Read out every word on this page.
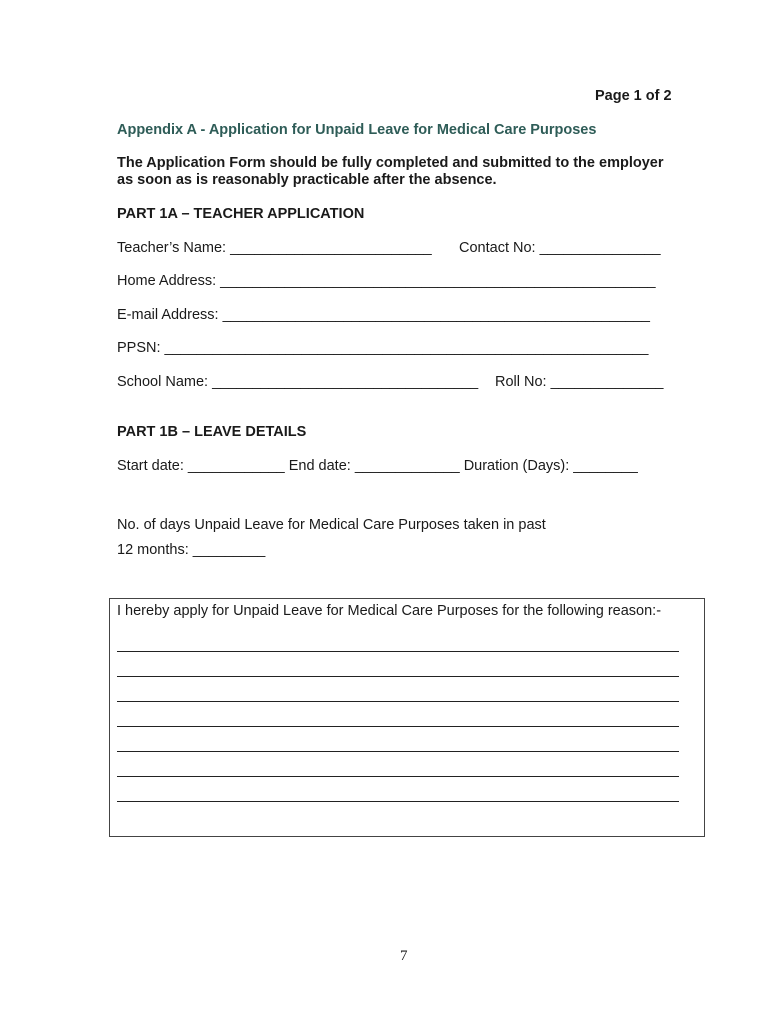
Page 1 of 2
Appendix A - Application for Unpaid Leave for Medical Care Purposes
The Application Form should be fully completed and submitted to the employer as soon as is reasonably practicable after the absence.
PART 1A – TEACHER APPLICATION
Teacher’s Name: _________________________ Contact No: _______________
Home Address: ______________________________________________________
E-mail Address: _____________________________________________________
PPSN: ____________________________________________________________
School Name: _________________________________ Roll No: ______________
PART 1B – LEAVE DETAILS
Start date: ____________ End date: _____________ Duration (Days): ________
No. of days Unpaid Leave for Medical Care Purposes taken in past
12 months: _________
I hereby apply for Unpaid Leave for Medical Care Purposes for the following reason:-
7
